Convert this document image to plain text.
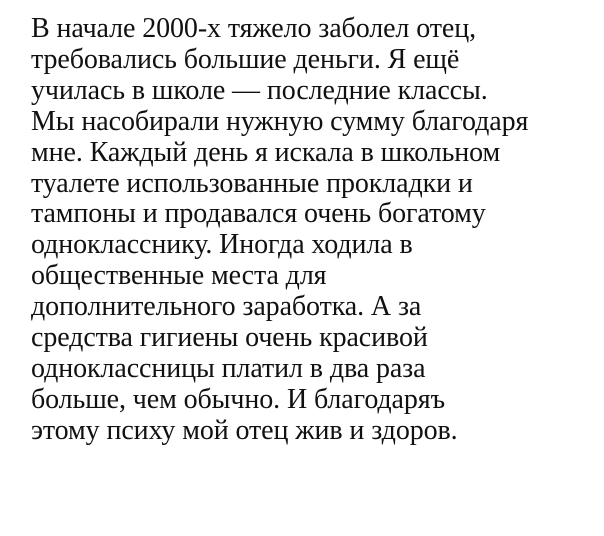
В начале 2000-х тяжело заболел отец,
требовались большие деньги. Я ещё
училась в школе — последние классы.
Мы насобирали нужную сумму благодаря
мне. Каждый день я искала в школьном
туалете использованные прокладки и
тампоны и продавался очень богатому
однокласснику. Иногда ходила в
общественные места для
дополнительного заработка. А за
средства гигиены очень красивой
одноклассницы платил в два раза
больше, чем обычно. И благодаряъ
этому психу мой отец жив и здоров.
